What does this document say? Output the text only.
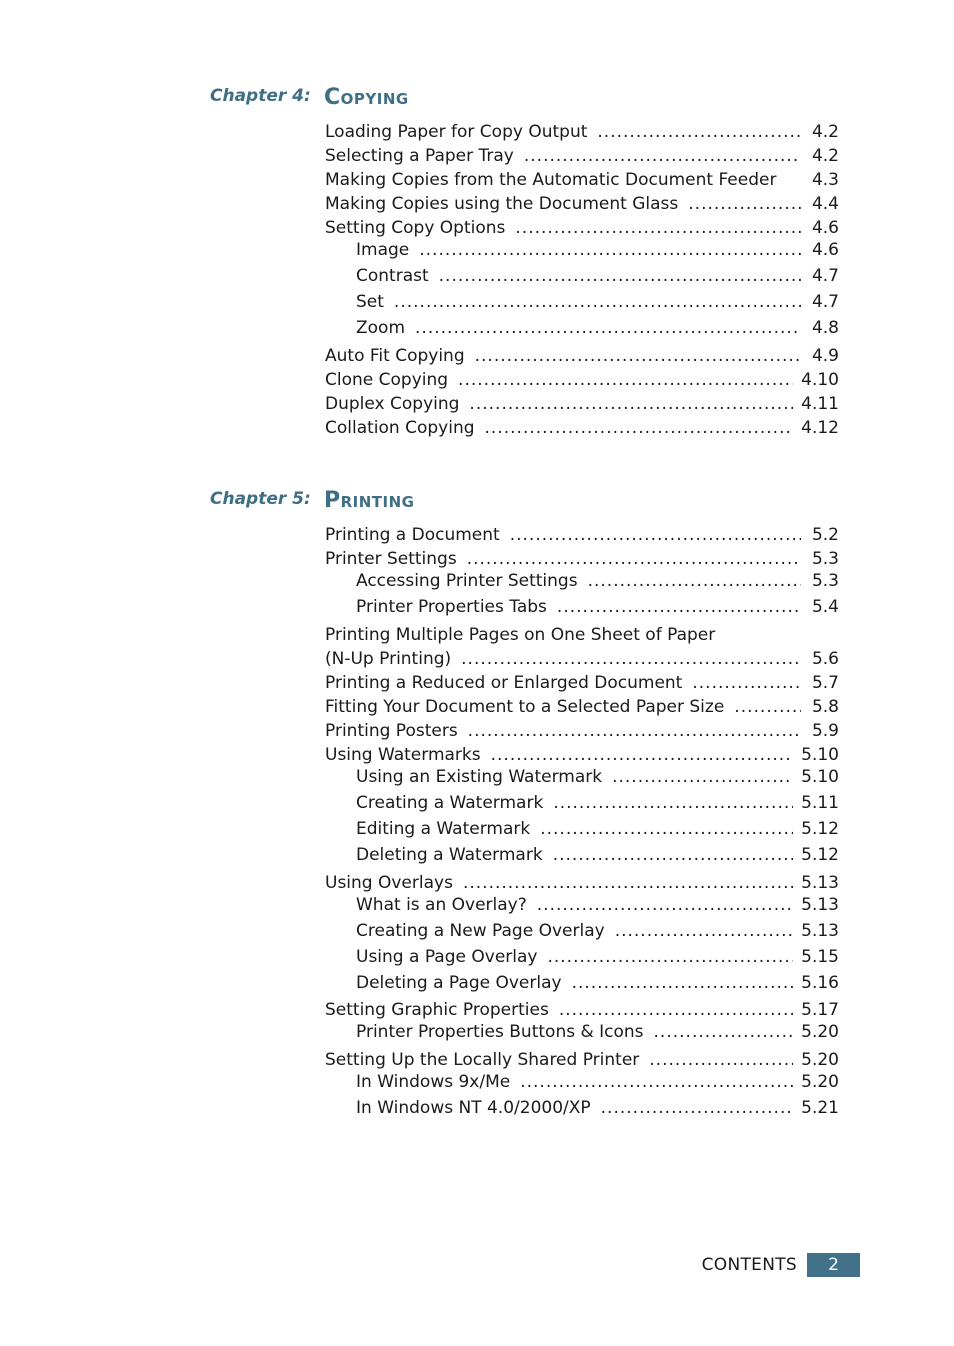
Chapter 4: Copying
Loading Paper for Copy Output .....	4.2
Selecting a Paper Tray .....	4.2
Making Copies from the Automatic Document Feeder 4.3
Making Copies using the Document Glass .....	4.4
Setting Copy Options .....	4.6
Image .....	4.6
Contrast .....	4.7
Set .....	4.7
Zoom .....	4.8
Auto Fit Copying .....	4.9
Clone Copying .....	4.10
Duplex Copying .....	4.11
Collation Copying .....	4.12
Chapter 5: Printing
Printing a Document .....	5.2
Printer Settings .....	5.3
Accessing Printer Settings .....	5.3
Printer Properties Tabs .....	5.4
Printing Multiple Pages on One Sheet of Paper
(N-Up Printing) .....	5.6
Printing a Reduced or Enlarged Document .....	5.7
Fitting Your Document to a Selected Paper Size .....	5.8
Printing Posters .....	5.9
Using Watermarks .....	5.10
Using an Existing Watermark .....	5.10
Creating a Watermark .....	5.11
Editing a Watermark .....	5.12
Deleting a Watermark .....	5.12
Using Overlays .....	5.13
What is an Overlay? .....	5.13
Creating a New Page Overlay .....	5.13
Using a Page Overlay .....	5.15
Deleting a Page Overlay .....	5.16
Setting Graphic Properties .....	5.17
Printer Properties Buttons & Icons .....	5.20
Setting Up the Locally Shared Printer .....	5.20
In Windows 9x/Me .....	5.20
In Windows NT 4.0/2000/XP .....	5.21
CONTENTS	2
